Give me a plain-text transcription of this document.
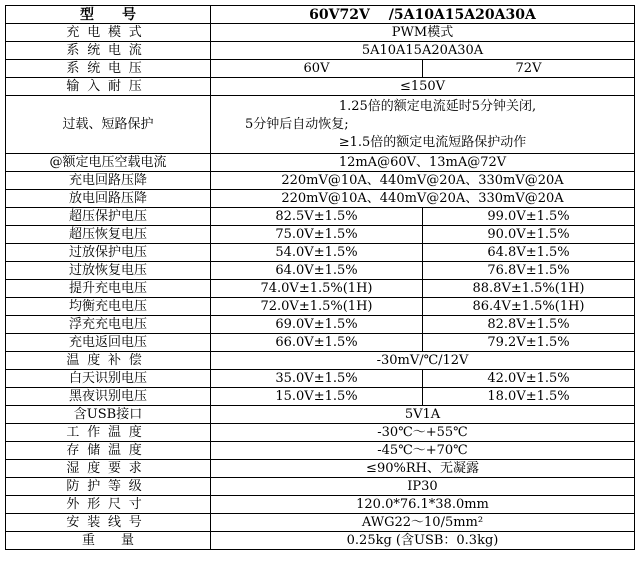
型　　号	60V72V　 /5A10A15A20A30A	
充电模式	PWM模式	
系统电流	5A10A15A20A30A	
系统电压	60V	72V
输入耐压	≤150V	
过载、短路保护	1.25倍的额定电流延时5分钟关闭,
5分钟后自动恢复;
≥1.5倍的额定电流短路保护动作	

@额定电压空载电流	12mA@60V、13mA@72V	
充电回路压降	220mV@10A、440mV@20A、330mV@20A	
放电回路压降	220mV@10A、440mV@20A、330mV@20A	
超压保护电压	82.5V±1.5%	99.0V±1.5%
超压恢复电压	75.0V±1.5%	90.0V±1.5%
过放保护电压	54.0V±1.5%	64.8V±1.5%
过放恢复电压	64.0V±1.5%	76.8V±1.5%
提升充电电压	74.0V±1.5%(1H)	88.8V±1.5%(1H)
均衡充电电压	72.0V±1.5%(1H)	86.4V±1.5%(1H)
浮充充电电压	69.0V±1.5%	82.8V±1.5%
充电返回电压	66.0V±1.5%	79.2V±1.5%
温度补偿	-30mV/℃/12V	
白天识别电压	35.0V±1.5%	42.0V±1.5%
黑夜识别电压	15.0V±1.5%	18.0V±1.5%
含USB接口	5V1A	
工作温度	-30℃～+55℃	
存储温度	-45℃～+70℃	
湿度要求	≤90%RH、无凝露	
防护等级	IP30	
外形尺寸	120.0*76.1*38.0mm	
安装线号	AWG22～10/5mm²	
重　　量	0.25kg (含USB：0.3kg)	
